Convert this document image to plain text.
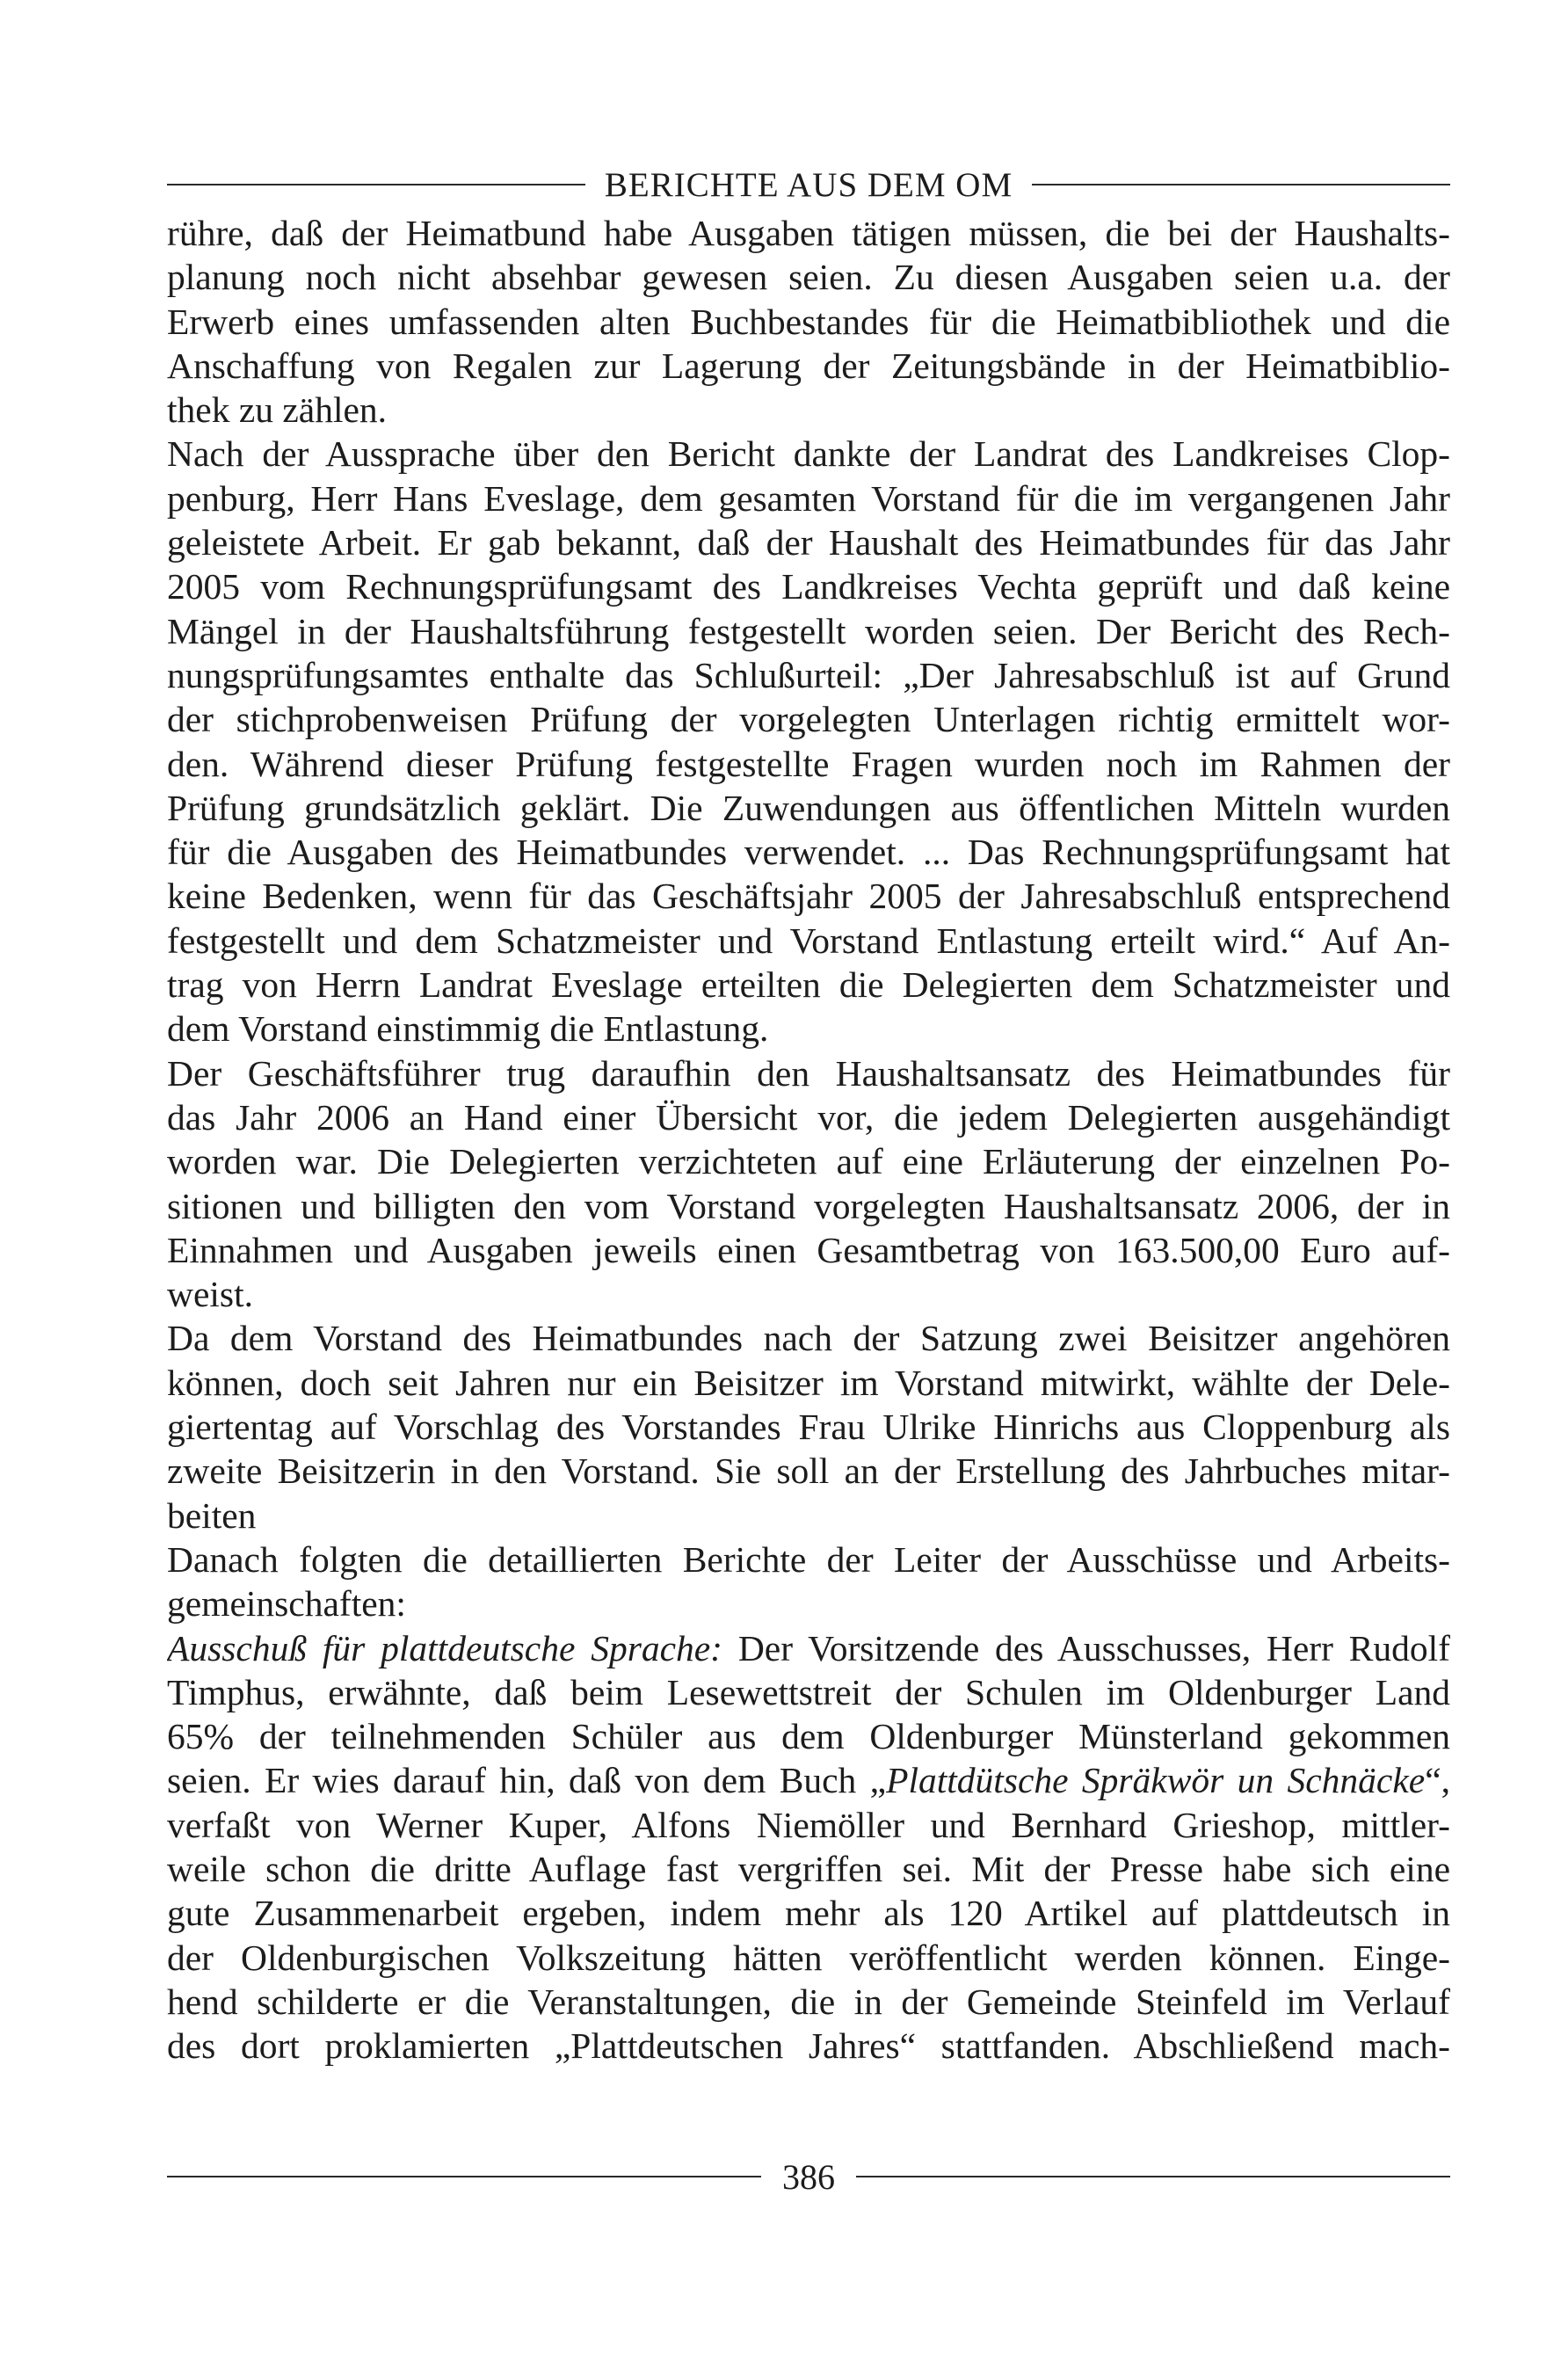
BERICHTE AUS DEM OM
rühre, daß der Heimatbund habe Ausgaben tätigen müssen, die bei der Haushalts-
planung noch nicht absehbar gewesen seien. Zu diesen Ausgaben seien u.a. der
Erwerb eines umfassenden alten Buchbestandes für die Heimatbibliothek und die
Anschaffung von Regalen zur Lagerung der Zeitungsbände in der Heimatbiblio-
thek zu zählen.
Nach der Aussprache über den Bericht dankte der Landrat des Landkreises Clop-
penburg, Herr Hans Eveslage, dem gesamten Vorstand für die im vergangenen Jahr
geleistete Arbeit. Er gab bekannt, daß der Haushalt des Heimatbundes für das Jahr
2005 vom Rechnungsprüfungsamt des Landkreises Vechta geprüft und daß keine
Mängel in der Haushaltsführung festgestellt worden seien. Der Bericht des Rech-
nungsprüfungsamtes enthalte das Schlußurteil: „Der Jahresabschluß ist auf Grund
der stichprobenweisen Prüfung der vorgelegten Unterlagen richtig ermittelt wor-
den. Während dieser Prüfung festgestellte Fragen wurden noch im Rahmen der
Prüfung grundsätzlich geklärt. Die Zuwendungen aus öffentlichen Mitteln wurden
für die Ausgaben des Heimatbundes verwendet. ... Das Rechnungsprüfungsamt hat
keine Bedenken, wenn für das Geschäftsjahr 2005 der Jahresabschluß entsprechend
festgestellt und dem Schatzmeister und Vorstand Entlastung erteilt wird.“ Auf An-
trag von Herrn Landrat Eveslage erteilten die Delegierten dem Schatzmeister und
dem Vorstand einstimmig die Entlastung.
Der Geschäftsführer trug daraufhin den Haushaltsansatz des Heimatbundes für
das Jahr 2006 an Hand einer Übersicht vor, die jedem Delegierten ausgehändigt
worden war. Die Delegierten verzichteten auf eine Erläuterung der einzelnen Po-
sitionen und billigten den vom Vorstand vorgelegten Haushaltsansatz 2006, der in
Einnahmen und Ausgaben jeweils einen Gesamtbetrag von 163.500,00 Euro auf-
weist.
Da dem Vorstand des Heimatbundes nach der Satzung zwei Beisitzer angehören
können, doch seit Jahren nur ein Beisitzer im Vorstand mitwirkt, wählte der Dele-
giertentag auf Vorschlag des Vorstandes Frau Ulrike Hinrichs aus Cloppenburg als
zweite Beisitzerin in den Vorstand. Sie soll an der Erstellung des Jahrbuches mitar-
beiten
Danach folgten die detaillierten Berichte der Leiter der Ausschüsse und Arbeits-
gemeinschaften:
Ausschuß für plattdeutsche Sprache: Der Vorsitzende des Ausschusses, Herr Rudolf
Timphus, erwähnte, daß beim Lesewettstreit der Schulen im Oldenburger Land
65% der teilnehmenden Schüler aus dem Oldenburger Münsterland gekommen
seien. Er wies darauf hin, daß von dem Buch „Plattdütsche Spräkwör un Schnäcke“,
verfaßt von Werner Kuper, Alfons Niemöller und Bernhard Grieshop, mittler-
weile schon die dritte Auflage fast vergriffen sei. Mit der Presse habe sich eine
gute Zusammenarbeit ergeben, indem mehr als 120 Artikel auf plattdeutsch in
der Oldenburgischen Volkszeitung hätten veröffentlicht werden können. Einge-
hend schilderte er die Veranstaltungen, die in der Gemeinde Steinfeld im Verlauf
des dort proklamierten „Plattdeutschen Jahres“ stattfanden. Abschließend mach-
386
